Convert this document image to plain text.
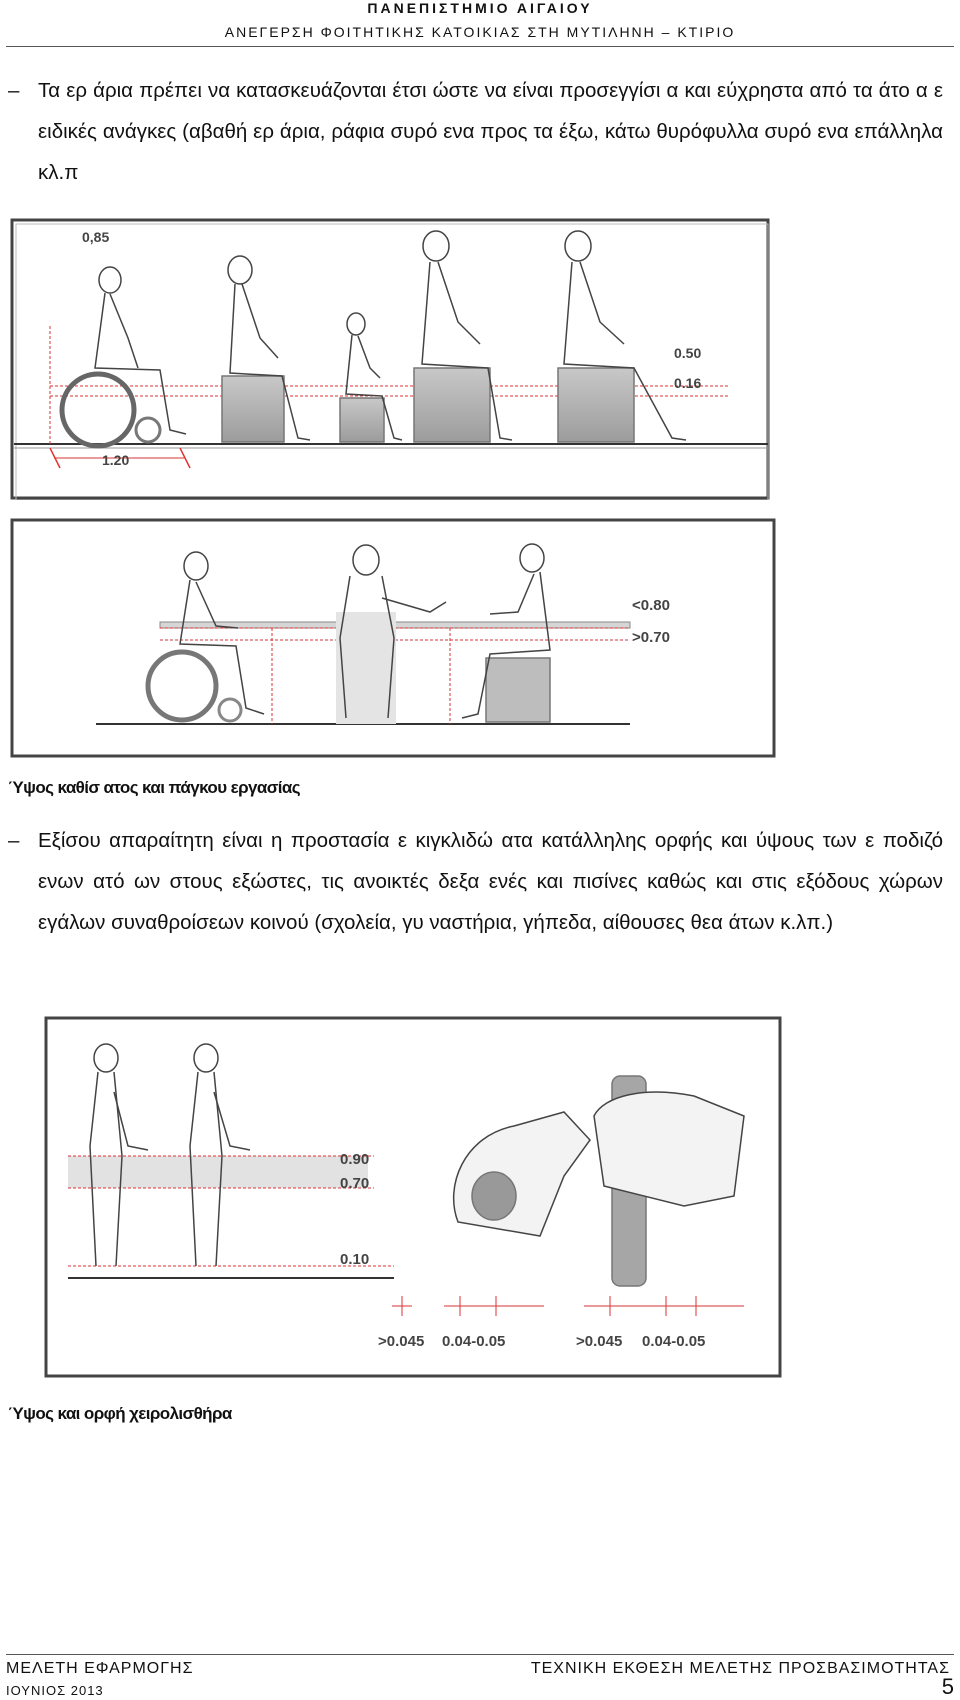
ΠΑΝΕΠΙΣΤΗΜΙΟ ΑΙΓΑΙΟΥ
ΑΝΕΓΕΡΣΗ ΦΟΙΤΗΤΙΚΗΣ ΚΑΤΟΙΚΙΑΣ ΣΤΗ ΜΥΤΙΛΗΝΗ – ΚΤΙΡΙΟ
– Τα ερ άρια πρέπει να κατασκευάζονται έτσι ώστε να είναι προσεγγίσι α και εύχρηστα από τα άτο α ε ειδικές ανάγκες (αβαθή ερ άρια, ράφια συρό ενα προς τα έξω, κάτω θυρόφυλλα συρό ενα επάλληλα κλ.π
0,85
0.50
0.16
1.20
<0.80
>0.70
Ύψος καθίσ ατος και πάγκου εργασίας
– Εξίσου απαραίτητη είναι η προστασία ε κιγκλιδώ ατα κατάλληλης ορφής και ύψους των ε ποδιζό ενων ατό ων στους εξώστες, τις ανοικτές δεξα ενές και πισίνες καθώς και στις εξόδους χώρων εγάλων συναθροίσεων κοινού (σχολεία, γυ ναστήρια, γήπεδα, αίθουσες θεα άτων κ.λπ.)
0.90
0.70
0.10
>0.045 0.04-0.05	>0.045 0.04-0.05
Ύψος και ορφή χειρολισθήρα
ΜΕΛΕΤΗ ΕΦΑΡΜΟΓΗΣ	ΤΕΧΝΙΚΗ ΕΚΘΕΣΗ ΜΕΛΕΤΗΣ ΠΡΟΣΒΑΣΙΜΟΤΗΤΑΣ
ΙΟΥΝΙΟΣ 2013	5
